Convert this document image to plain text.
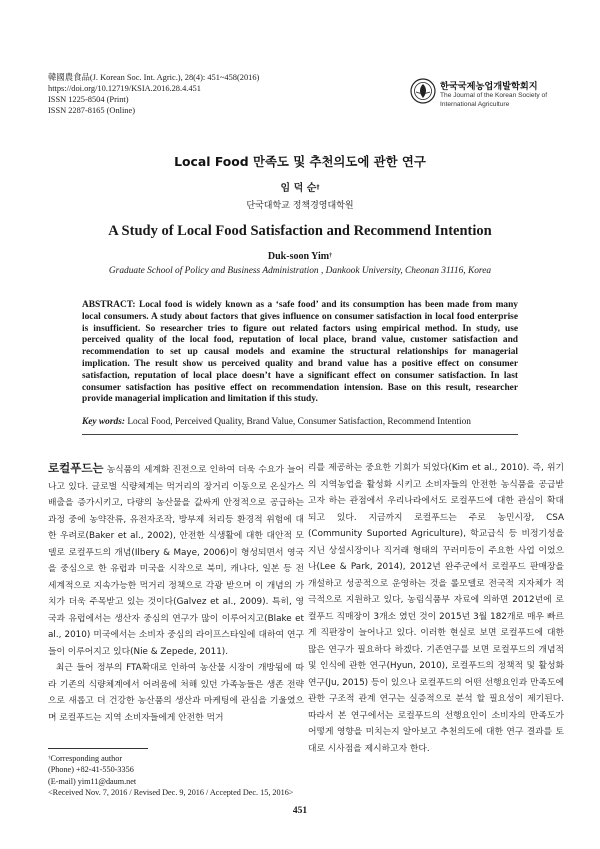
韓國農食品(J. Korean Soc. Int. Agric.), 28(4): 451~458(2016)
https://doi.org/10.12719/KSIA.2016.28.4.451
ISSN 1225-8504 (Print)
ISSN 2287-8165 (Online)
한국국제농업개발학회지
The Journal of the Korean Society of International Agriculture
Local Food 만족도 및 추천의도에 관한 연구
임 덕 순†
단국대학교 정책경영대학원
A Study of Local Food Satisfaction and Recommend Intention
Duk-soon Yim†
Graduate School of Policy and Business Administration , Dankook University, Cheonan 31116, Korea
ABSTRACT: Local food is widely known as a ‘safe food’ and its consumption has been made from many local consumers. A study about factors that gives influence on consumer satisfaction in local food enterprise is insufficient. So researcher tries to figure out related factors using empirical method. In study, use perceived quality of the local food, reputation of local place, brand value, customer satisfaction and recommendation to set up causal models and examine the structural relationships for managerial implication. The result show us perceived quality and brand value has a positive effect on consumer satisfaction, reputation of local place doesn’t have a significant effect on consumer satisfaction. In last consumer satisfaction has positive effect on recommendation intension. Base on this result, researcher provide managerial implication and limitation if this study.
Key words: Local Food, Perceived Quality, Brand Value, Consumer Satisfaction, Recommend Intention

로컬푸드는 농식품의 세계화 진전으로 인하여 더욱 수요가 늘어나고 있다. 글로벌 식량체계는 먹거리의 장거리 이동으로 온실가스 배출을 증가시키고, 다량의 농산물을 값싸게 안정적으로 공급하는 과정 중에 농약잔류, 유전자조작, 방부제 처리등 환경적 위험에 대한 우려로(Baker et al., 2002), 안전한 식생활에 대한 대안적 모델로 로컬푸드의 개념(Ilbery & Maye, 2006)이 형성되면서 영국을 중심으로 한 유럽과 미국을 시작으로 북미, 캐나다, 일본 등 전 세계적으로 지속가능한 먹거리 정책으로 각광 받으며 이 개념의 가치가 더욱 주목받고 있는 것이다(Galvez et al., 2009). 특히, 영국과 유럽에서는 생산자 중심의 연구가 많이 이루어지고(Blake et al., 2010) 미국에서는 소비자 중심의 라이프스타일에 대하여 연구들이 이루어지고 있다(Nie & Zepede, 2011).

최근 들어 정부의 FTA확대로 인하여 농산물 시장이 개방됨에 따라 기존의 식량체계에서 어려움에 처해 있던 가족농들은 생존 전략으로 새롭고 더 건강한 농산품의 생산과 마케팅에 관심을 기울였으며 로컬푸드는 지역 소비자들에게 안전한 먹거

리를 제공하는 중요한 기회가 되었다(Kim et al., 2010). 즉, 위기의 지역농업을 활성화 시키고 소비자들의 안전한 농식품을 공급받고자 하는 관점에서 우리나라에서도 로컬푸드에 대한 관심이 확대되고 있다. 지금까지 로컬푸드는 주로 농민시장, CSA (Community Suported Agriculture), 학교급식 등 비정기성을 지닌 상설시장이나 직거래 형태의 꾸러미등이 주요한 사업 이었으나(Lee & Park, 2014), 2012년 완주군에서 로컬푸드 판매장을 개설하고 성공적으로 운영하는 것을 롤모델로 전국적 지자체가 적극적으로 지원하고 있다, 농림식품부 자료에 의하면 2012년에 로컬푸드 직매장이 3개소 였던 것이 2015년 3월 182개로 매우 빠르게 직판장이 늘어나고 있다. 이러한 현실로 보면 로컬푸드에 대한 많은 연구가 필요하다 하겠다. 기존연구를 보면 로컬푸드의 개념적 및 인식에 관한 연구(Hyun, 2010), 로컬푸드의 정책적 및 활성화 연구(Ju, 2015) 등이 있으나 로컬푸드의 어떤 선행요인과 만족도에 관한 구조적 관계 연구는 실증적으로 분석 할 필요성이 제기된다. 따라서 본 연구에서는 로컬푸드의 선행요인이 소비자의 만족도가 어떻게 영향을 미치는지 알아보고 추천의도에 대한 연구 결과를 토대로 시사점을 제시하고자 한다.

†Corresponding author
(Phone) +82-41-550-3356
(E-mail) yim11@daum.net
<Received Nov. 7, 2016 / Revised Dec. 9, 2016 / Accepted Dec. 15, 2016>
451
